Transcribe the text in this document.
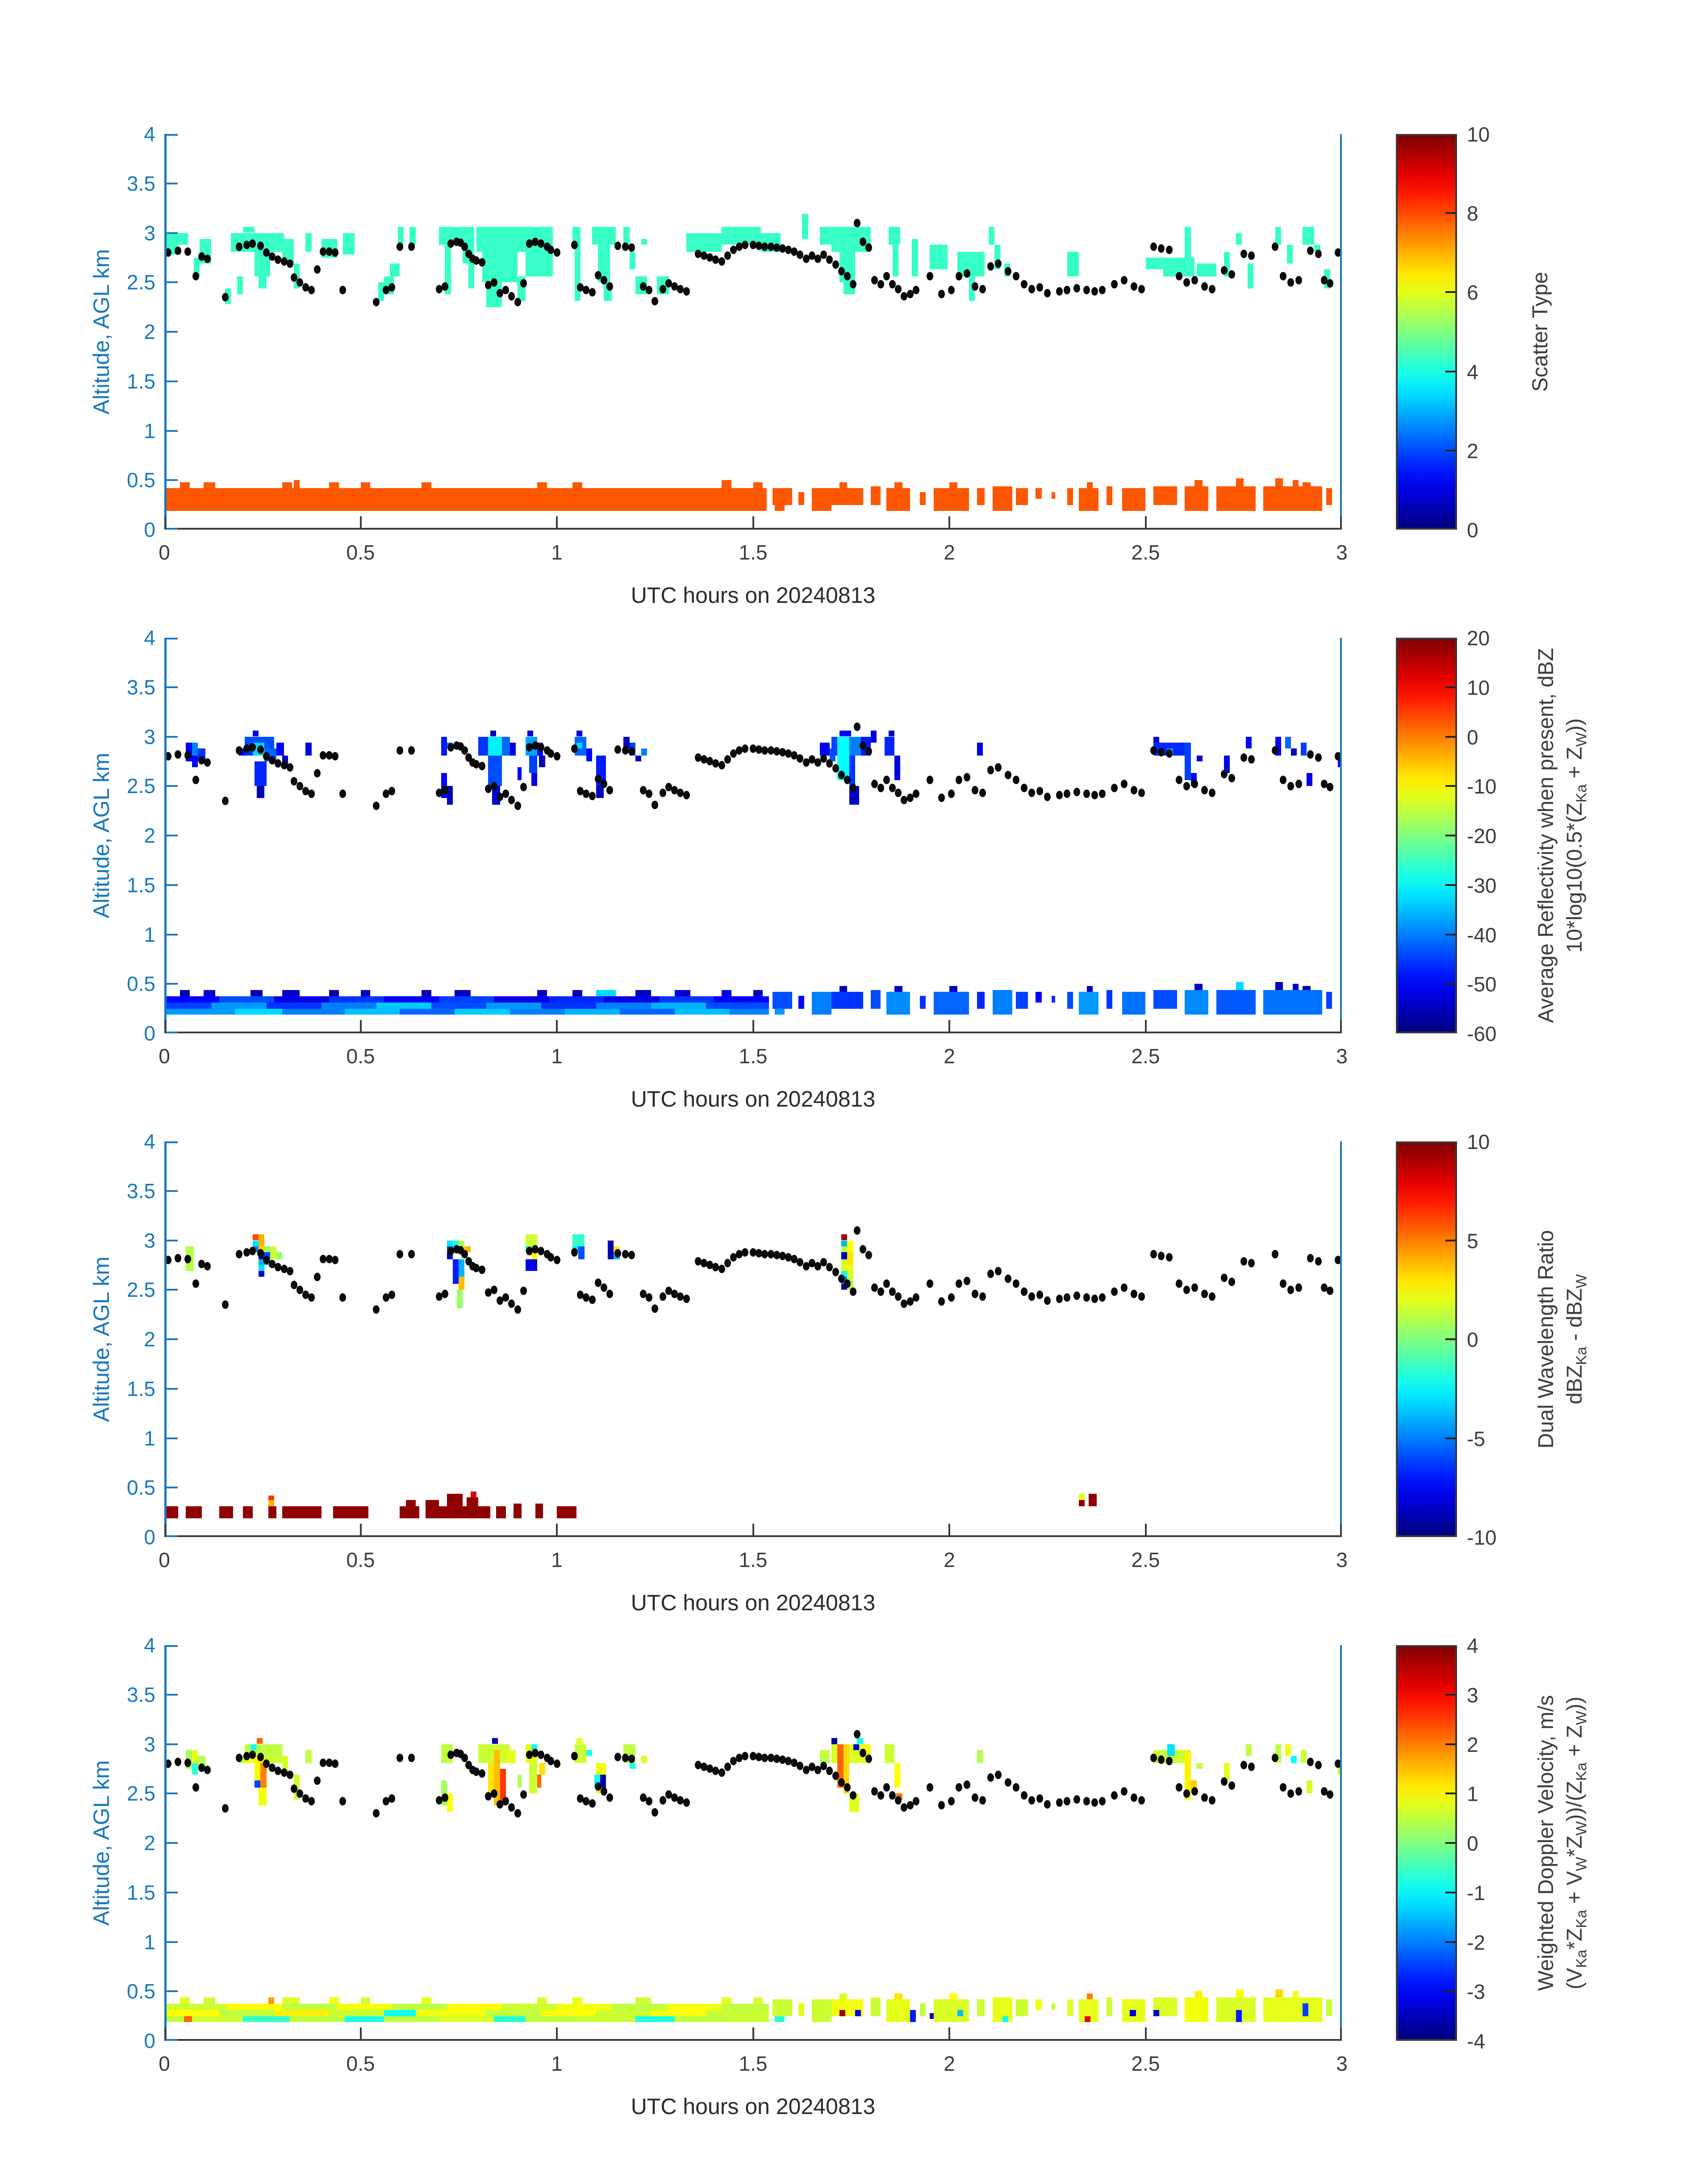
Altitude, AGL km
UTC hours on 20240813
Scatter Type
0
0.5
1
1.5
2
2.5
3
3.5
4
0	0.5	1	1.5	2	2.5	3
0
2
4
6
8
10
Altitude, AGL km
UTC hours on 20240813
Average Reflectivity when present, dBZ $10*\log 10(0.5*(Z_{Ka} + Z_W))$
0
0.5
1
1.5
2
2.5
3
3.5
4
0	0.5	1	1.5	2	2.5	3
-60
-50
-40
-30
-20
-10
0
10
20
Altitude, AGL km
UTC hours on 20240813
Dual Wavelength Ratio dBZ$_{Ka}$ - dBZ$_W$
0
0.5
1
1.5
2
2.5
3
3.5
4
0	0.5	1	1.5	2	2.5	3
-10
-5
0
5
10
Altitude, AGL km
UTC hours on 20240813
Weighted Doppler Velocity, m/s $(V_{Ka}*Z_{Ka} + V_W*Z_W))/(Z_{Ka} + Z_W)$)
0
0.5
1
1.5
2
2.5
3
3.5
4
0	0.5	1	1.5	2	2.5	3
-4
-3
-2
-1
0
1
2
3
4
